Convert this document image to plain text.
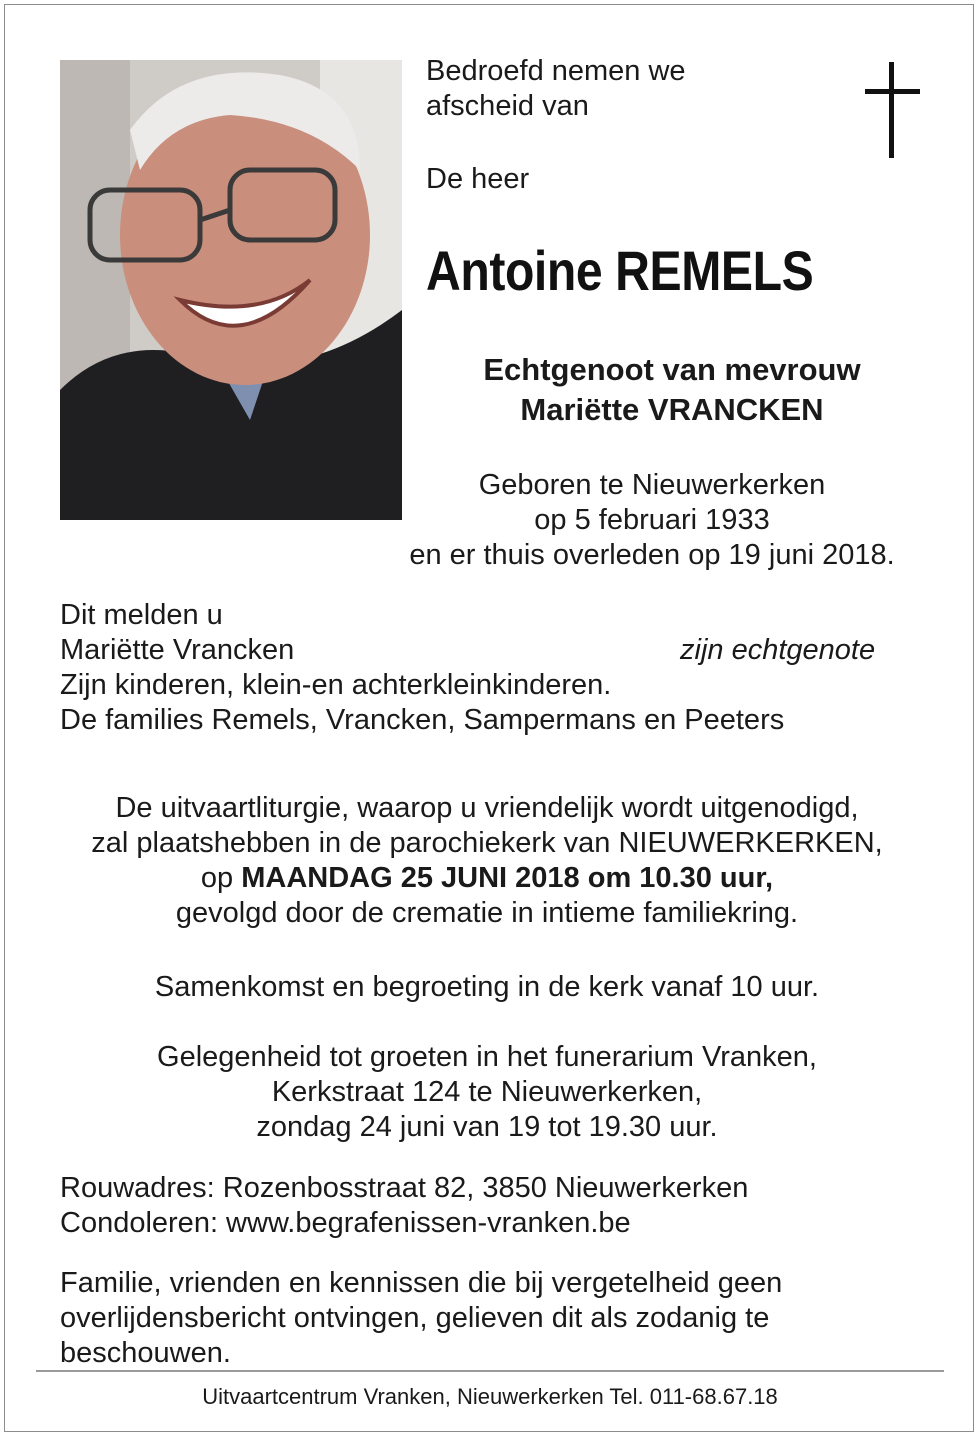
Bedroefd nemen we
afscheid van
De heer
Antoine REMELS
Echtgenoot van mevrouw
Mariëtte VRANCKEN
Geboren te Nieuwerkerken
op 5 februari 1933
en er thuis overleden op 19 juni 2018.
Dit melden u
Mariëtte Vrancken
Zijn kinderen, klein-en achterkleinkinderen.
De families Remels, Vrancken, Sampermans en Peeters
zijn echtgenote
De uitvaartliturgie, waarop u vriendelijk wordt uitgenodigd,
zal plaatshebben in de parochiekerk van NIEUWERKERKEN,
op MAANDAG 25 JUNI 2018 om 10.30 uur,
gevolgd door de crematie in intieme familiekring.
Samenkomst en begroeting in de kerk vanaf 10 uur.
Gelegenheid tot groeten in het funerarium Vranken,
Kerkstraat 124 te Nieuwerkerken,
zondag 24 juni van 19 tot 19.30 uur.
Rouwadres: Rozenbosstraat 82, 3850 Nieuwerkerken
Condoleren: www.begrafenissen-vranken.be
Familie, vrienden en kennissen die bij vergetelheid geen
overlijdensbericht ontvingen, gelieven dit als zodanig te
beschouwen.
Uitvaartcentrum Vranken, Nieuwerkerken Tel. 011-68.67.18
